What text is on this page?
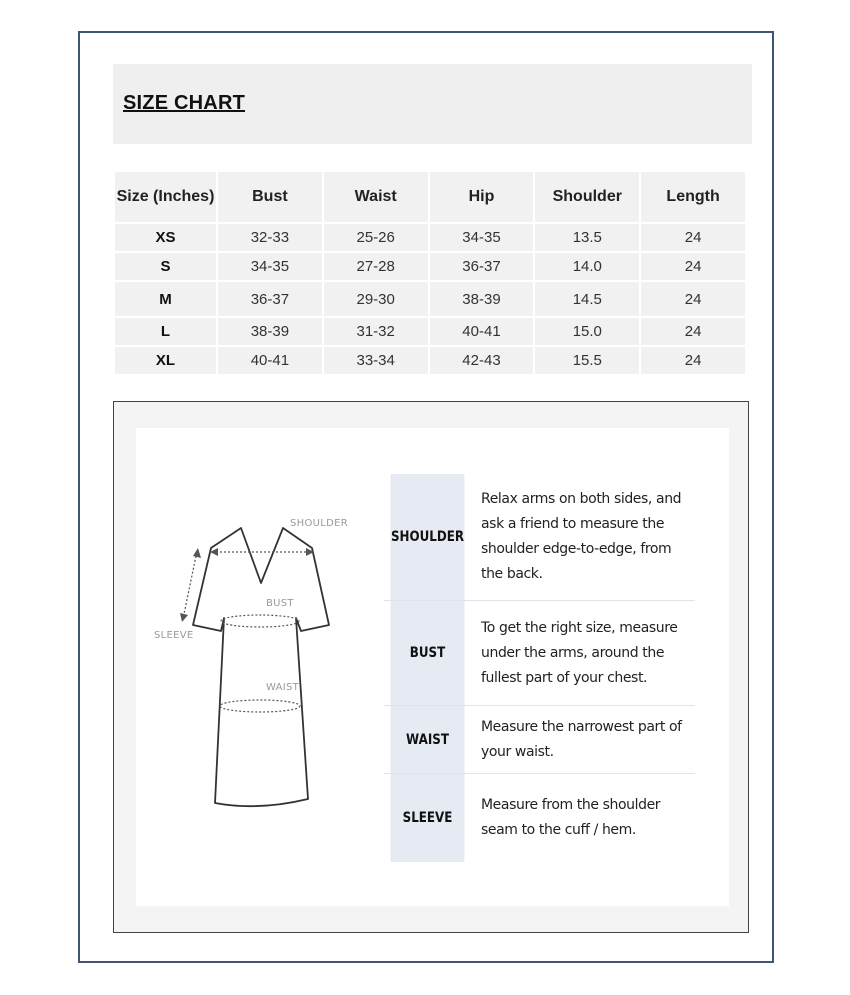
SIZE CHART
Size (Inches)	Bust	Waist	Hip	Shoulder	Length
XS	32-33	25-26	34-35	13.5	24
S	34-35	27-28	36-37	14.0	24
M	36-37	29-30	38-39	14.5	24
L	38-39	31-32	40-41	15.0	24
XL	40-41	33-34	42-43	15.5	24
SHOULDER
BUST
WAIST
SLEEVE
SHOULDER
Relax arms on both sides, and ask a friend to measure the shoulder edge-to-edge, from the back.
BUST
To get the right size, measure under the arms, around the fullest part of your chest.
WAIST
Measure the narrowest part of your waist.
SLEEVE
Measure from the shoulder seam to the cuff / hem.
